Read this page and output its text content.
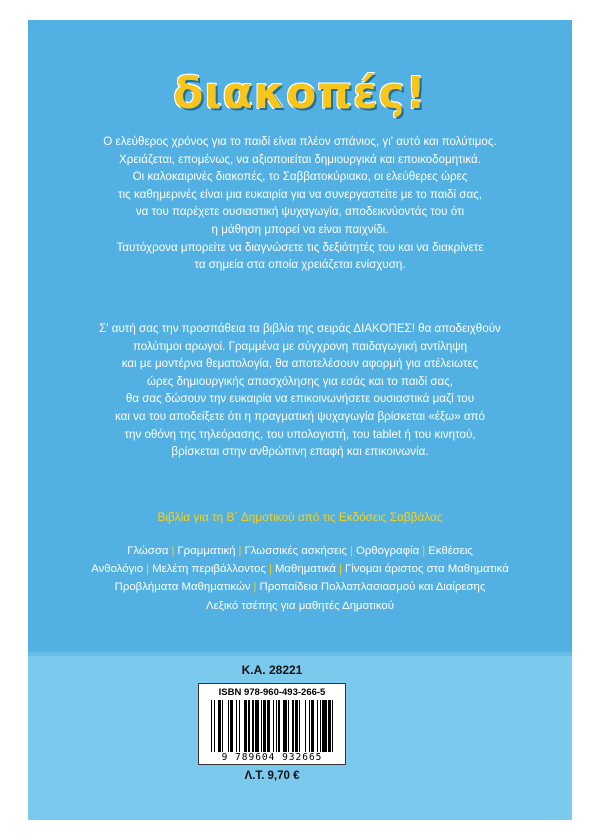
διακοπές!
Ο ελεύθερος χρόνος για το παιδί είναι πλέον σπάνιος, γι' αυτό και πολύτιμος.
Χρειάζεται, επομένως, να αξιοποιείται δημιουργικά και εποικοδομητικά.
Οι καλοκαιρινές διακοπές, το Σαββατοκύριακο, οι ελεύθερες ώρες
τις καθημερινές είναι μια ευκαιρία για να συνεργαστείτε με το παιδί σας,
να του παρέχετε ουσιαστική ψυχαγωγία, αποδεικνύοντάς του ότι
η μάθηση μπορεί να είναι παιχνίδι.
Ταυτόχρονα μπορείτε να διαγνώσετε τις δεξιότητές του και να διακρίνετε
τα σημεία στα οποία χρειάζεται ενίσχυση.
Σ' αυτή σας την προσπάθεια τα βιβλία της σειράς ΔΙΑΚΟΠΕΣ! θα αποδειχθούν
πολύτιμοι αρωγοί. Γραμμένα με σύγχρονη παιδαγωγική αντίληψη
και με μοντέρνα θεματολογία, θα αποτελέσουν αφορμή για ατέλειωτες
ώρες δημιουργικής απασχόλησης για εσάς και το παιδί σας,
θα σας δώσουν την ευκαιρία να επικοινωνήσετε ουσιαστικά μαζί του
και να του αποδείξετε ότι η πραγματική ψυχαγωγία βρίσκεται «έξω» από
την οθόνη της τηλεόρασης, του υπολογιστή, του tablet ή του κινητού,
βρίσκεται στην ανθρώπινη επαφή και επικοινωνία.
Βιβλία για τη Β΄ Δημοτικού από τις Εκδόσεις Σαββάλας
Γλώσσα | Γραμματική | Γλωσσικές ασκήσεις | Ορθογραφία | Εκθέσεις
Ανθολόγιο | Μελέτη περιβάλλοντος | Μαθηματικά | Γίνομαι άριστος στα Μαθηματικά
Προβλήματα Μαθηματικών | Προπαίδεια Πολλαπλασιασμού και Διαίρεσης
Λεξικό τσέπης για μαθητές Δημοτικού
Κ.Α. 28221
ISBN 978-960-493-266-5
9 789604 932665
Λ.Τ. 9,70 €
